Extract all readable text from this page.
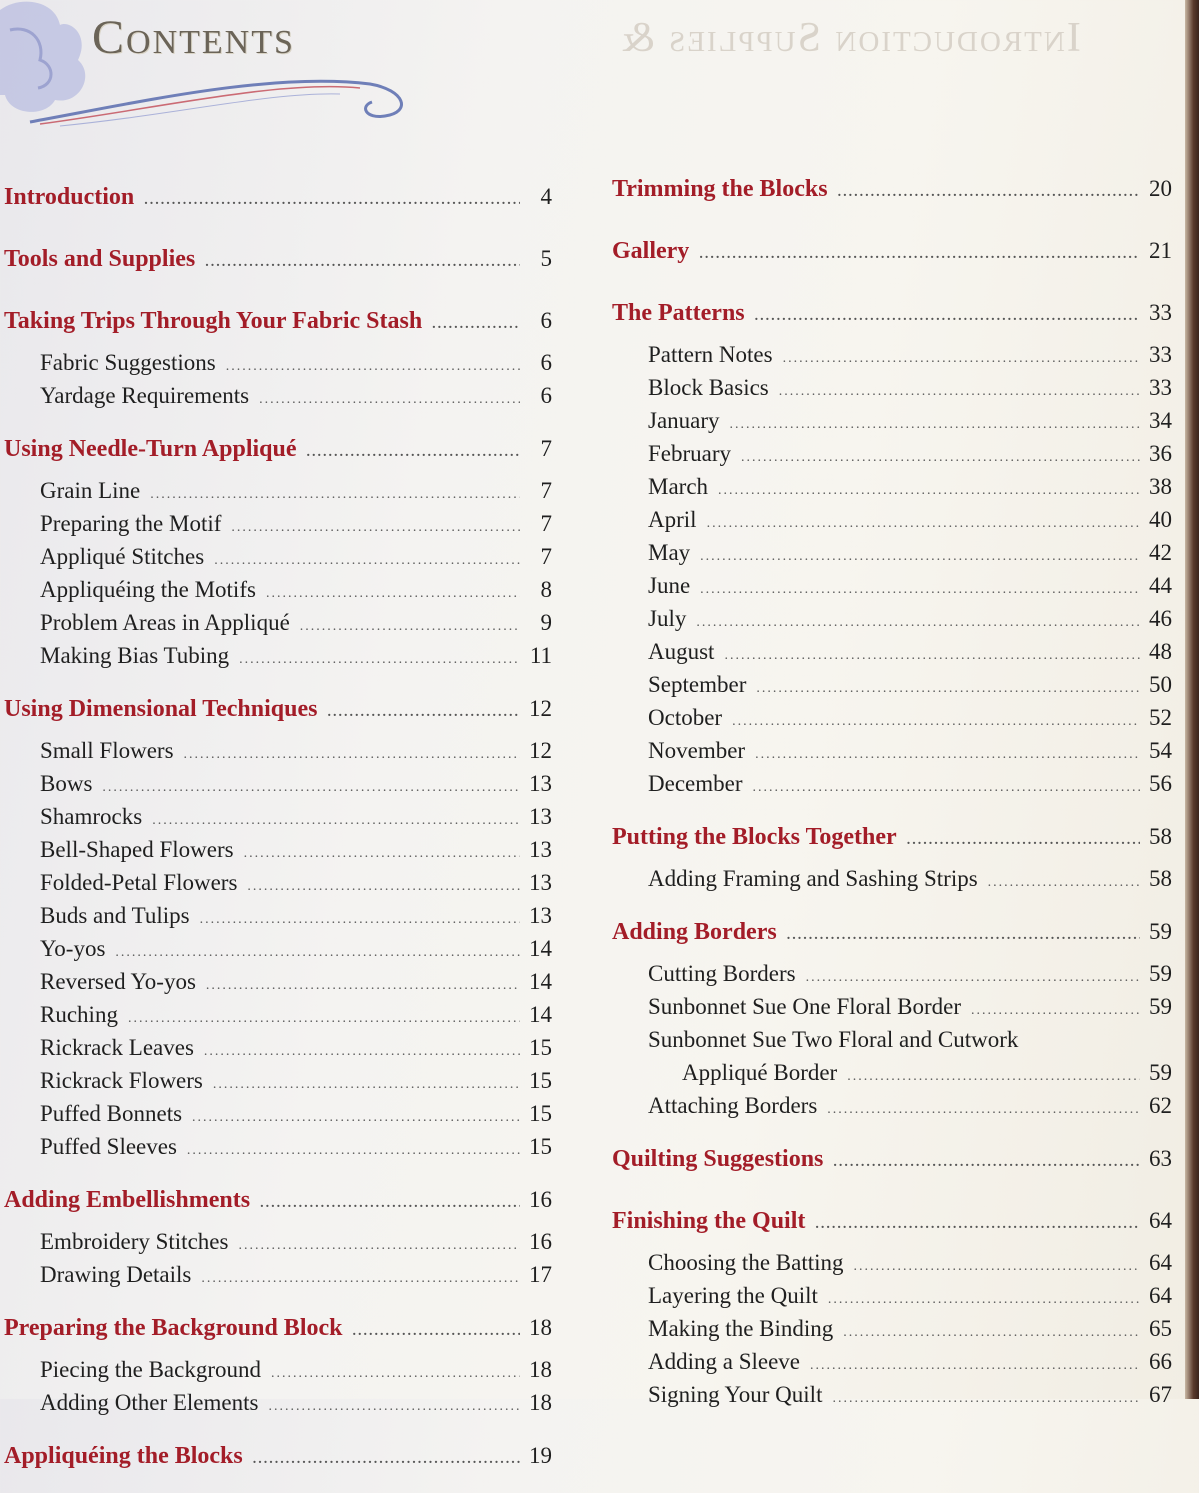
Contents	Introduction Supplies &
Introduction .....	4
Tools and Supplies .....	5
Taking Trips Through Your Fabric Stash .....	6
Fabric Suggestions .....	6
Yardage Requirements .....	6
Using Needle-Turn Appliqué .....	7
Grain Line .....	7
Preparing the Motif .....	7
Appliqué Stitches .....	7
Appliquéing the Motifs .....	8
Problem Areas in Appliqué .....	9
Making Bias Tubing .....	11
Using Dimensional Techniques .....	12
Small Flowers .....	12
Bows .....	13
Shamrocks .....	13
Bell-Shaped Flowers .....	13
Folded-Petal Flowers .....	13
Buds and Tulips .....	13
Yo-yos .....	14
Reversed Yo-yos .....	14
Ruching .....	14
Rickrack Leaves .....	15
Rickrack Flowers .....	15
Puffed Bonnets .....	15
Puffed Sleeves .....	15
Adding Embellishments .....	16
Embroidery Stitches .....	16
Drawing Details .....	17
Preparing the Background Block .....	18
Piecing the Background .....	18
Adding Other Elements .....	18
Appliquéing the Blocks .....	19
Trimming the Blocks .....	20
Gallery .....	21
The Patterns .....	33
Pattern Notes .....	33
Block Basics .....	33
January .....	34
February .....	36
March .....	38
April .....	40
May .....	42
June .....	44
July .....	46
August .....	48
September .....	50
October .....	52
November .....	54
December .....	56
Putting the Blocks Together .....	58
Adding Framing and Sashing Strips .....	58
Adding Borders .....	59
Cutting Borders .....	59
Sunbonnet Sue One Floral Border .....	59
Sunbonnet Sue Two Floral and Cutwork
Appliqué Border .....	59
Attaching Borders .....	62
Quilting Suggestions .....	63
Finishing the Quilt .....	64
Choosing the Batting .....	64
Layering the Quilt .....	64
Making the Binding .....	65
Adding a Sleeve .....	66
Signing Your Quilt .....	67
